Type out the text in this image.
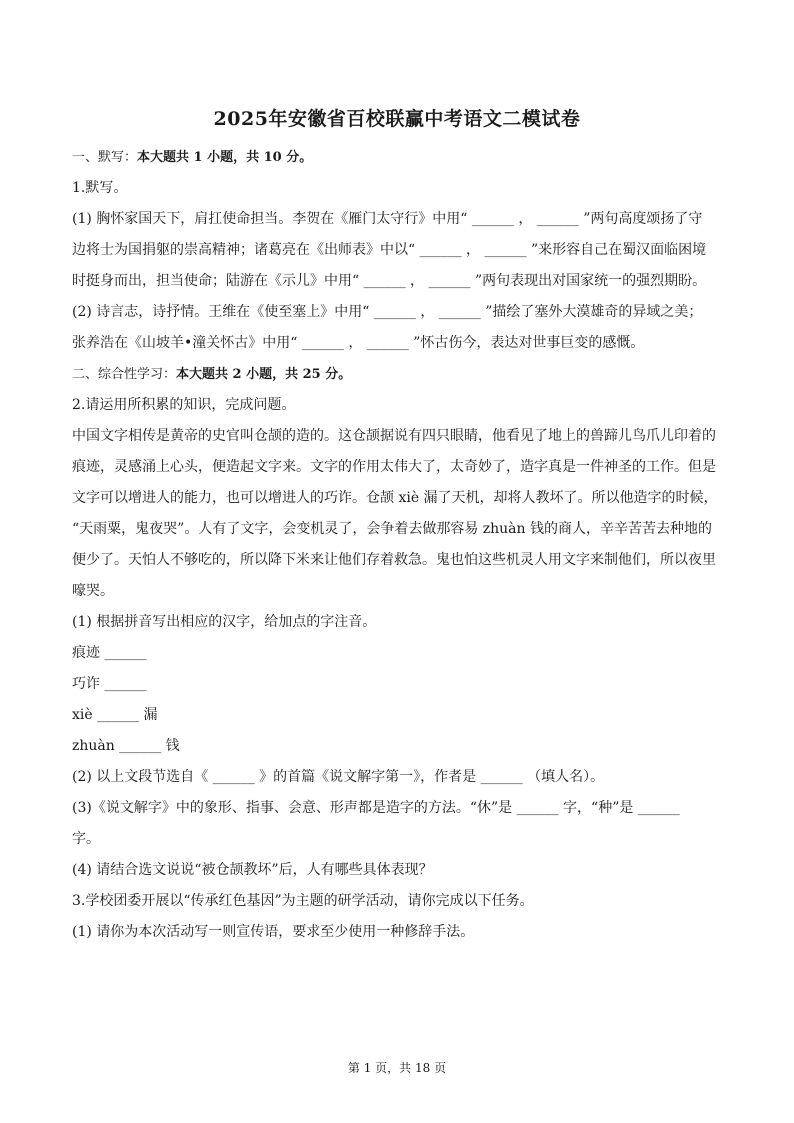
2025年安徽省百校联赢中考语文二模试卷
一、默写：本大题共 1 小题，共 10 分。
1.默写。
(1) 胸怀家国天下，肩扛使命担当。李贺在《雁门太守行》中用“ ______ ， ______ ”两句高度颂扬了守
边将士为国捐躯的崇高精神；诸葛亮在《出师表》中以“ ______ ， ______ ”来形容自己在蜀汉面临困境
时挺身而出，担当使命；陆游在《示儿》中用“ ______ ， ______ ”两句表现出对国家统一的强烈期盼。
(2) 诗言志，诗抒情。王维在《使至塞上》中用“ ______ ， ______ ”描绘了塞外大漠雄奇的异域之美；
张养浩在《山坡羊•潼关怀古》中用“ ______ ， ______ ”怀古伤今，表达对世事巨变的感慨。
二、综合性学习：本大题共 2 小题，共 25 分。
2.请运用所积累的知识，完成问题。
中国文字相传是黄帝的史官叫仓颉的造的。这仓颉据说有四只眼睛，他看见了地上的兽蹄儿鸟爪儿印着的
痕迹，灵感涌上心头，便造起文字来。文字的作用太伟大了，太奇妙了，造字真是一件神圣的工作。但是
文字可以增进人的能力，也可以增进人的巧诈。仓颉 xiè 漏了天机，却将人教坏了。所以他造字的时候，
“天雨粟，鬼夜哭”。人有了文字，会变机灵了，会争着去做那容易 zhuàn 钱的商人，辛辛苦苦去种地的
便少了。天怕人不够吃的，所以降下米来让他们存着救急。鬼也怕这些机灵人用文字来制他们，所以夜里
嚎哭。
(1) 根据拼音写出相应的汉字，给加点的字注音。
痕迹 ______
巧诈 ______
xiè ______ 漏
zhuàn ______ 钱
(2) 以上文段节选自《 ______ 》的首篇《说文解字第一》，作者是 ______ （填人名）。
(3)《说文解字》中的象形、指事、会意、形声都是造字的方法。“休”是 ______ 字，“种”是 ______
字。
(4) 请结合选文说说“被仓颉教坏”后，人有哪些具体表现？
3.学校团委开展以“传承红色基因”为主题的研学活动，请你完成以下任务。
(1) 请你为本次活动写一则宣传语，要求至少使用一种修辞手法。
第 1 页，共 18 页
